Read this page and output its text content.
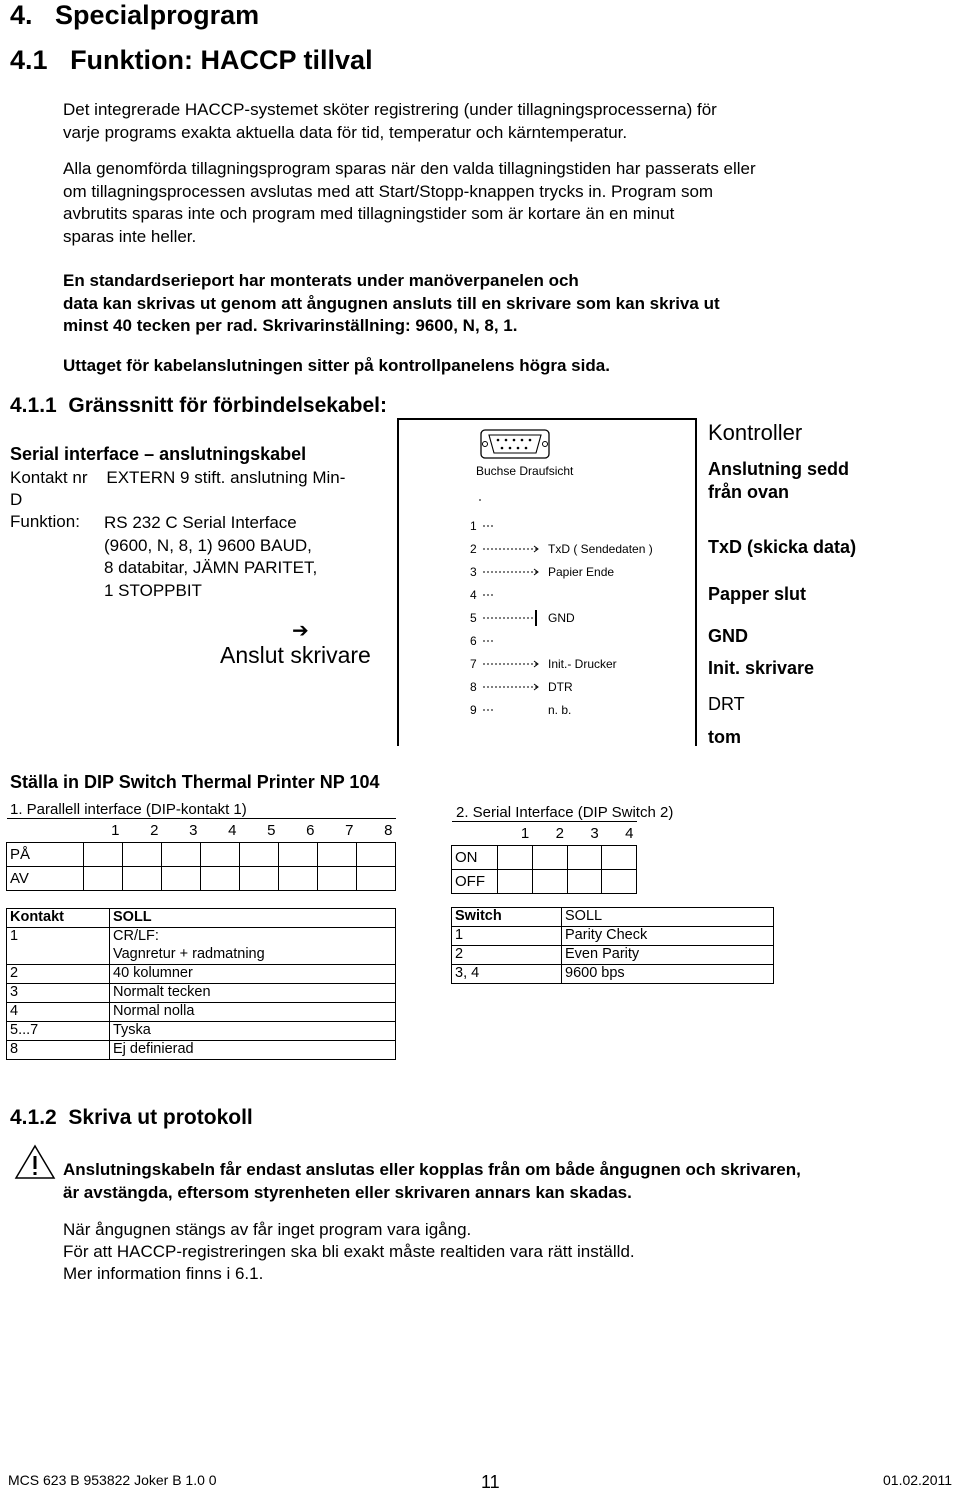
4. Specialprogram
4.1 Funktion: HACCP tillval
Det integrerade HACCP-systemet sköter registrering (under tillagningsprocesserna) för
varje programs exakta aktuella data för tid, temperatur och kärntemperatur.
Alla genomförda tillagningsprogram sparas när den valda tillagningstiden har passerats eller
om tillagningsprocessen avslutas med att Start/Stopp-knappen trycks in. Program som
avbrutits sparas inte och program med tillagningstider som är kortare än en minut
sparas inte heller.
En standardserieport har monterats under manöverpanelen och
data kan skrivas ut genom att ångugnen ansluts till en skrivare som kan skriva ut
minst 40 tecken per rad. Skrivarinställning: 9600, N, 8, 1.
Uttaget för kabelanslutningen sitter på kontrollpanelens högra sida.
4.1.1 Gränssnitt för förbindelsekabel:
Serial interface – anslutningskabel
Kontakt nr    EXTERN 9 stift. anslutning Min-
D
Funktion: RS 232 C Serial Interface
(9600, N, 8, 1) 9600 BAUD,
8 databitar, JÄMN PARITET,
1 STOPPBIT
➔
Anslut skrivare
Buchse Draufsicht
1
2
3
4
5
6
7
8
9
TxD ( Sendedaten )
Papier Ende
GND
Init.- Drucker
DTR
n. b.
Kontroller
Anslutning sedd
från ovan
TxD (skicka data)
Papper slut
GND
Init. skrivare
DRT
tom
Ställa in DIP Switch Thermal Printer NP 104
1. Parallell interface (DIP-kontakt 1)
	1	2	3	4	5	6	7	8
PÅ								
AV								
2. Serial Interface (DIP Switch 2)
	1	2	3	4
ON				
OFF				
Kontakt	SOLL
1	CR/LF:
	Vagnretur + radmatning
2	40 kolumner
3	Normalt tecken
4	Normal nolla
5...7	Tyska
8	Ej definierad
Switch	SOLL
1	Parity Check
2	Even Parity
3, 4	9600 bps
4.1.2 Skriva ut protokoll
Anslutningskabeln får endast anslutas eller kopplas från om både ångugnen och skrivaren,
är avstängda, eftersom styrenheten eller skrivaren annars kan skadas.
När ångugnen stängs av får inget program vara igång.
För att HACCP-registreringen ska bli exakt måste realtiden vara rätt inställd.
Mer information finns i 6.1.
MCS 623 B 953822 Joker B 1.0 0	11	01.02.2011
